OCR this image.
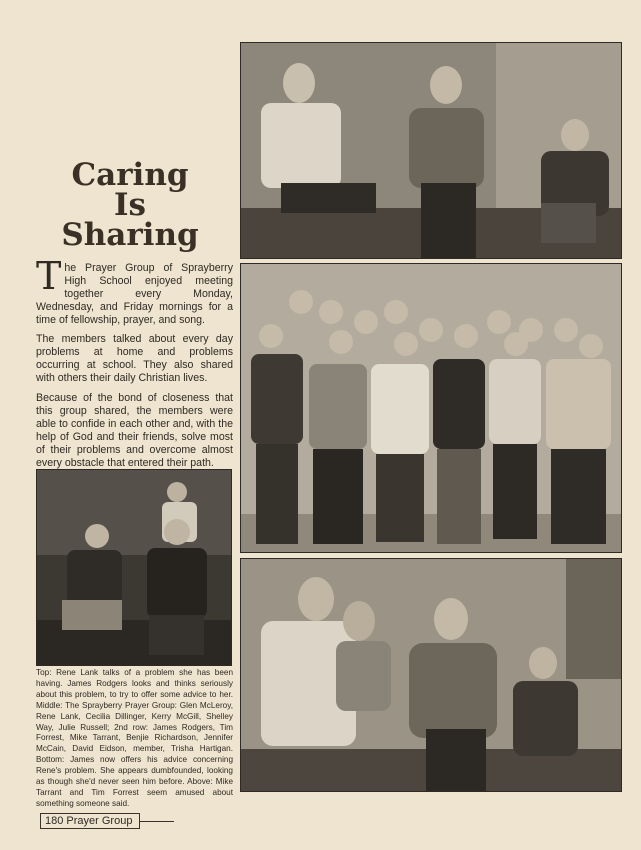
Caring
Is
Sharing

The Prayer Group of Sprayberry High School enjoyed meeting together every Monday, Wednesday, and Friday mornings for a time of fellowship, prayer, and song.

The members talked about every day problems at home and problems occurring at school. They also shared with others their daily Christian lives.

Because of the bond of closeness that this group shared, the members were able to confide in each other and, with the help of God and their friends, solve most of their problems and overcome almost every obstacle that entered their path.

Top: Rene Lank talks of a problem she has been having. James Rodgers looks and thinks seriously about this problem, to try to offer some advice to her. Middle: The Sprayberry Prayer Group: Glen McLeroy, Rene Lank, Cecilia Dillinger, Kerry McGill, Shelley Way, Julie Russell; 2nd row: James Rodgers, Tim Forrest, Mike Tarrant, Benjie Richardson, Jennifer McCain, David Eidson, member, Trisha Hartigan. Bottom: James now offers his advice concerning Rene's problem. She appears dumbfounded, looking as though she'd never seen him before. Above: Mike Tarrant and Tim Forrest seem amused about something someone said.

180 Prayer Group
